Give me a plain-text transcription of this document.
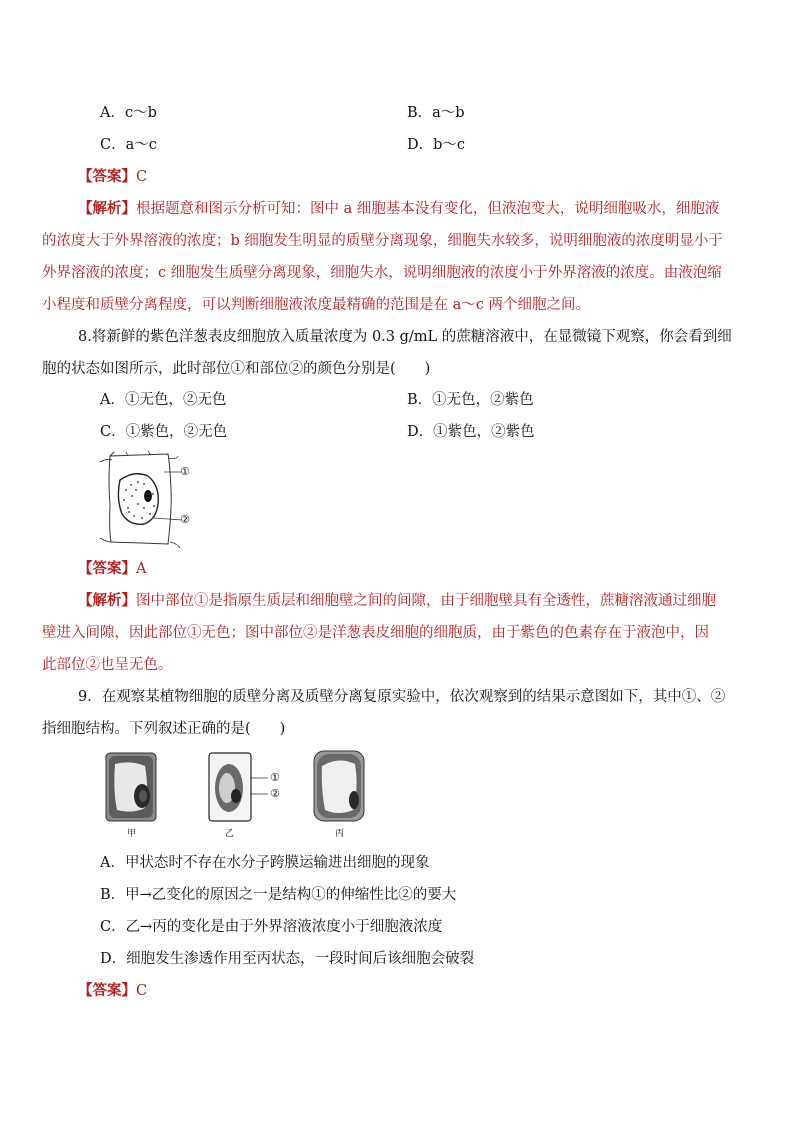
A．c～b	B．a～b
C．a～c	D．b～c
【答案】C
【解析】根据题意和图示分析可知：图中 a 细胞基本没有变化，但液泡变大，说明细胞吸水，细胞液
的浓度大于外界溶液的浓度；b 细胞发生明显的质壁分离现象，细胞失水较多，说明细胞液的浓度明显小于
外界溶液的浓度；c 细胞发生质壁分离现象，细胞失水，说明细胞液的浓度小于外界溶液的浓度。由液泡缩
小程度和质壁分离程度，可以判断细胞液浓度最精确的范围是在 a～c 两个细胞之间。
8.将新鲜的紫色洋葱表皮细胞放入质量浓度为 0.3 g/mL 的蔗糖溶液中，在显微镜下观察，你会看到细
胞的状态如图所示，此时部位①和部位②的颜色分别是(　　)
A．①无色，②无色	B．①无色，②紫色
C．①紫色，②无色	D．①紫色，②紫色
①
②
【答案】A
【解析】图中部位①是指原生质层和细胞壁之间的间隙，由于细胞壁具有全透性，蔗糖溶液通过细胞
壁进入间隙，因此部位①无色；图中部位②是洋葱表皮细胞的细胞质，由于紫色的色素存在于液泡中，因
此部位②也呈无色。
9．在观察某植物细胞的质壁分离及质壁分离复原实验中，依次观察到的结果示意图如下，其中①、②
指细胞结构。下列叙述正确的是(　　)
甲	乙
①
②
丙
A．甲状态时不存在水分子跨膜运输进出细胞的现象
B．甲→乙变化的原因之一是结构①的伸缩性比②的要大
C．乙→丙的变化是由于外界溶液浓度小于细胞液浓度
D．细胞发生渗透作用至丙状态，一段时间后该细胞会破裂
【答案】C
